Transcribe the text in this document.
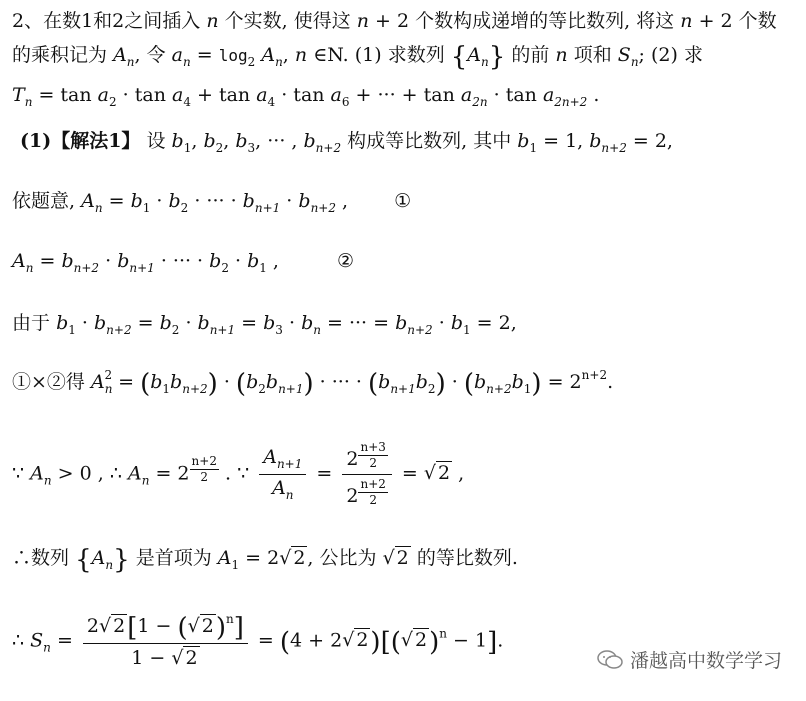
2、在数1和2之间插入 n 个实数, 使得这 n + 2 个数构成递增的等比数列, 将这 n + 2 个数
的乘积记为 $A_n$, 令 $a_n = \log_2 A_n$, n ∈N. (1) 求数列 $\{A_n\}$ 的前 n 项和 $S_n$; (2) 求
$T_n = \tan a_2 \cdot \tan a_4 + \tan a_4 \cdot \tan a_6$ + ··· + $\tan a_{2n} \cdot \tan a_{2n+2}$ .
(1)【解法1】 设 $b_1$, $b_2$, $b_3$, ··· , $b_{n+2}$ 构成等比数列, 其中 $b_1 = 1$, $b_{n+2} = 2$,
依题意, $A_n = b_1 \cdot b_2$ · ··· · $b_{n+1} \cdot b_{n+2}$ , ①
$A_n = b_{n+2} \cdot b_{n+1}$ · ··· · $b_2 \cdot b_1$ ,	②
由于 $b_1 \cdot b_{n+2} = b_2 \cdot b_{n+1} = b_3 \cdot b_n$ = ··· = $b_{n+2} \cdot b_1 = 2$,
①×②得 $A_n^2 = (b_1b_{n+2}) \cdot (b_2b_{n+1})$ · ··· · $(b_{n+1}b_2) \cdot (b_{n+2}b_1) = 2^{n+2}$.
∵ $A_n > 0$ , ∴ $A_n = 2 \frac{n+2}{2}$ . ∵ $\frac{A_{n+1}}{A_n} = \frac{2 \frac{n+3}{2}}{2 \frac{n+2}{2}}$ = √ 2 ,
∴数列 $\{A_n\}$ 是首项为 $A_1 = 2√$ 2 , 公比为 √ 2 的等比数列.
∴ $S_n = \frac{2√ 2 [1 - (√ 2 )^n]}{1 - √ 2} = (4 + 2√$ 2 )[(√ 2 )$^n$ − 1].
潘越高中数学学习
